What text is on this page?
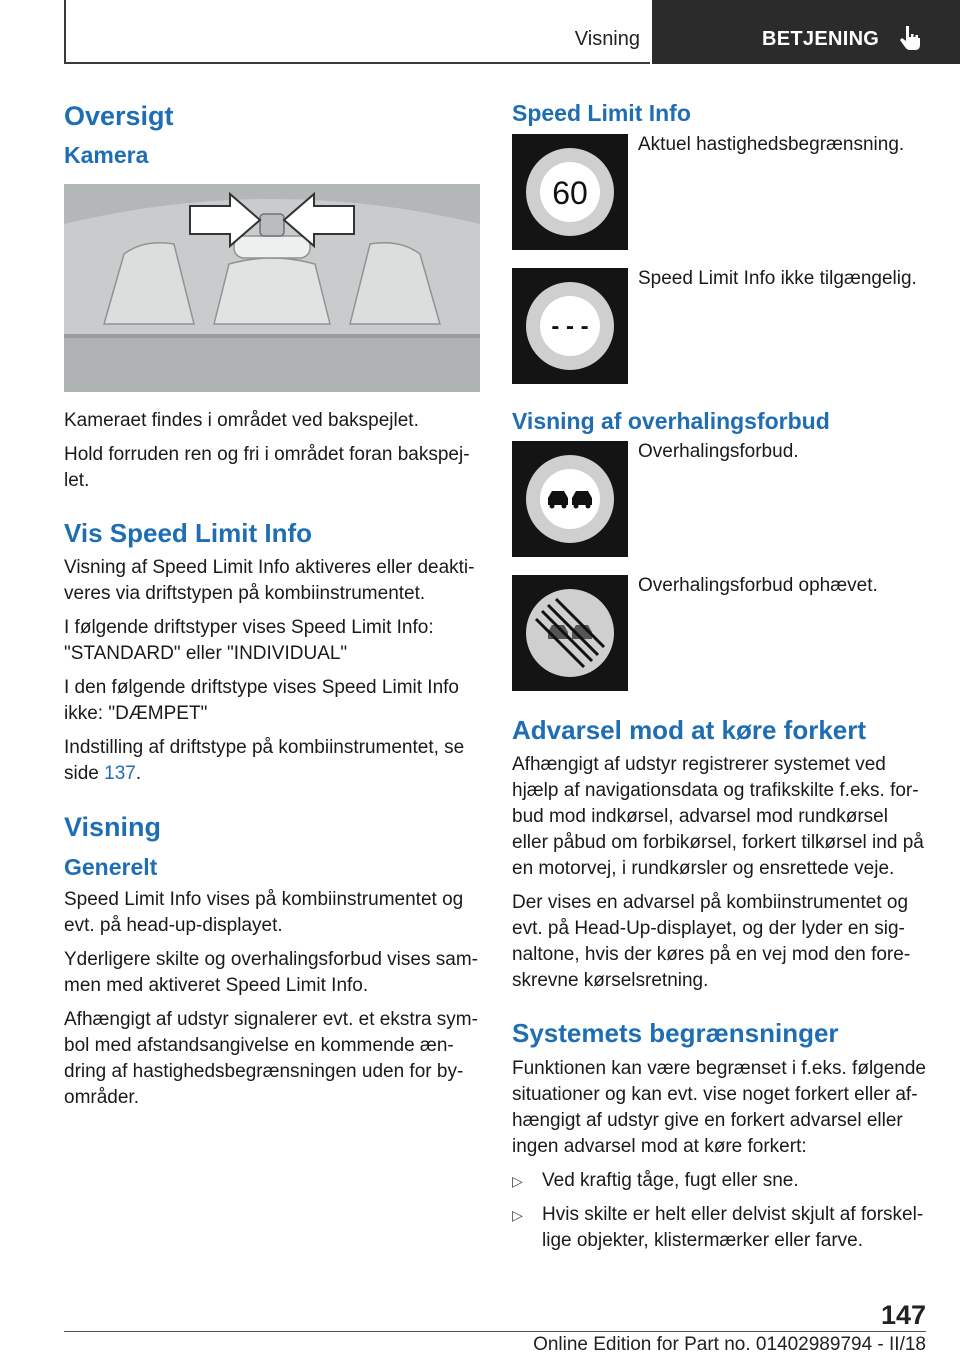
Visning	BETJENING
Oversigt
Kamera

Kameraet findes i området ved bakspejlet.

Hold forruden ren og fri i området foran bakspejlet.

Vis Speed Limit Info

Visning af Speed Limit Info aktiveres eller deaktiveres via driftstypen på kombiinstrumentet.

I følgende driftstyper vises Speed Limit Info: "STANDARD" eller "INDIVIDUAL"

I den følgende driftstype vises Speed Limit Info ikke: "DÆMPET"

Indstilling af driftstype på kombiinstrumentet, se side 137.

Visning
Generelt

Speed Limit Info vises på kombiinstrumentet og evt. på head-up-displayet.

Yderligere skilte og overhalingsforbud vises sammen med aktiveret Speed Limit Info.

Afhængigt af udstyr signalerer evt. et ekstra symbol med afstandsangivelse en kommende ændring af hastighedsbegrænsningen uden for byområder.

Speed Limit Info
60
Aktuel hastighedsbegrænsning.
- - -
Speed Limit Info ikke tilgængelig.
Visning af overhalingsforbud
Overhalingsforbud.
Overhalingsforbud ophævet.
Advarsel mod at køre forkert

Afhængigt af udstyr registrerer systemet ved hjælp af navigationsdata og trafikskilte f.eks. forbud mod indkørsel, advarsel mod rundkørsel eller påbud om forbikørsel, forkert tilkørsel ind på en motorvej, i rundkørsler og ensrettede veje.

Der vises en advarsel på kombiinstrumentet og evt. på Head-Up-displayet, og der lyder en signaltone, hvis der køres på en vej mod den foreskrevne kørselsretning.

Systemets begrænsninger

Funktionen kan være begrænset i f.eks. følgende situationer og kan evt. vise noget forkert eller afhængigt af udstyr give en forkert advarsel eller ingen advarsel mod at køre forkert:

▷ Ved kraftig tåge, fugt eller sne.
▷ Hvis skilte er helt eller delvist skjult af forskellige objekter, klistermærker eller farve.
147
Online Edition for Part no. 01402989794 - II/18
